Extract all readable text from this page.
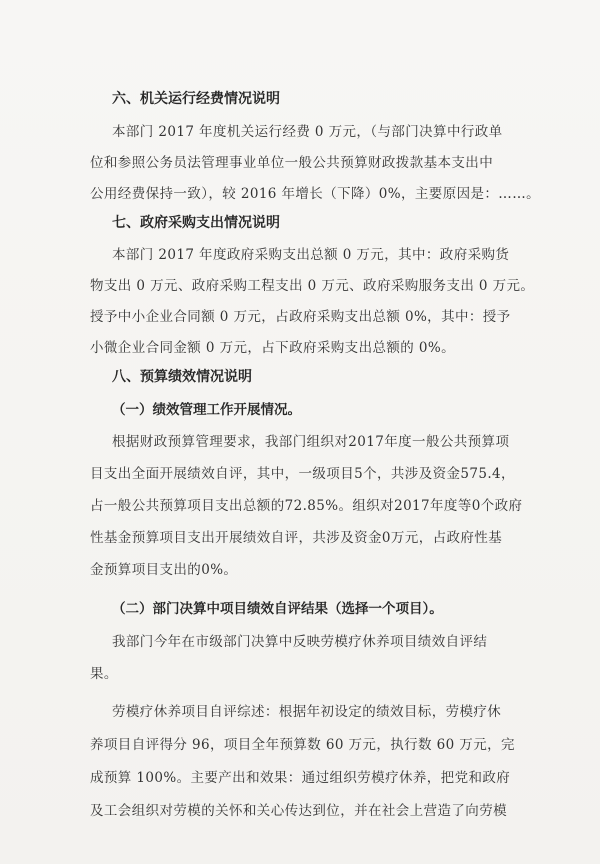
六、机关运行经费情况说明
本部门 2017 年度机关运行经费 0 万元，（与部门决算中行政单
位和参照公务员法管理事业单位一般公共预算财政拨款基本支出中
公用经费保持一致），较 2016 年增长（下降）0%，主要原因是：……。
七、政府采购支出情况说明
本部门 2017 年度政府采购支出总额 0 万元，其中：政府采购货
物支出 0 万元、政府采购工程支出 0 万元、政府采购服务支出 0 万元。
授予中小企业合同额 0 万元，占政府采购支出总额 0%，其中：授予
小微企业合同金额 0 万元，占下政府采购支出总额的 0%。
八、预算绩效情况说明
（一）绩效管理工作开展情况。
根据财政预算管理要求，我部门组织对2017年度一般公共预算项
目支出全面开展绩效自评，其中，一级项目5个，共涉及资金575.4，
占一般公共预算项目支出总额的72.85%。组织对2017年度等0个政府
性基金预算项目支出开展绩效自评，共涉及资金0万元，占政府性基
金预算项目支出的0%。
（二）部门决算中项目绩效自评结果（选择一个项目）。
我部门今年在市级部门决算中反映劳模疗休养项目绩效自评结
果。
劳模疗休养项目自评综述：根据年初设定的绩效目标，劳模疗休
养项目自评得分 96，项目全年预算数 60 万元，执行数 60 万元，完
成预算 100%。主要产出和效果：通过组织劳模疗休养，把党和政府
及工会组织对劳模的关怀和关心传达到位，并在社会上营造了向劳模
